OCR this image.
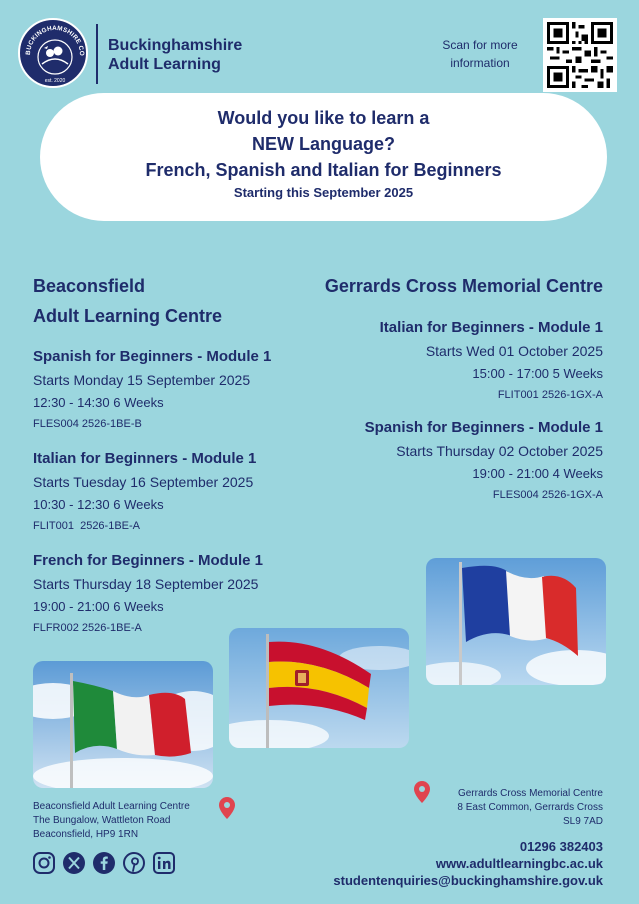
BUCKINGHAMSHIRE CO
est. 2020
Buckinghamshire
Adult Learning
Scan for more
information
Would you like to learn a
NEW Language?
French, Spanish and Italian for Beginners
Starting this September 2025
Beaconsfield
Adult Learning Centre
Spanish for Beginners - Module 1
Starts Monday 15 September 2025
12:30 - 14:30 6 Weeks
FLES004 2526-1BE-B
Italian for Beginners - Module 1
Starts Tuesday 16 September 2025
10:30 - 12:30 6 Weeks
FLIT001  2526-1BE-A
French for Beginners - Module 1
Starts Thursday 18 September 2025
19:00 - 21:00 6 Weeks
FLFR002 2526-1BE-A
Gerrards Cross Memorial Centre
Italian for Beginners - Module 1
Starts Wed 01 October 2025
15:00 - 17:00 5 Weeks
FLIT001 2526-1GX-A
Spanish for Beginners - Module 1
Starts Thursday 02 October 2025
19:00 - 21:00 4 Weeks
FLES004 2526-1GX-A
Beaconsfield Adult Learning Centre
The Bungalow, Wattleton Road
Beaconsfield, HP9 1RN
Gerrards Cross Memorial Centre
8 East Common, Gerrards Cross
SL9 7AD
01296 382403
www.adultlearningbc.ac.uk
studentenquiries@buckinghamshire.gov.uk
